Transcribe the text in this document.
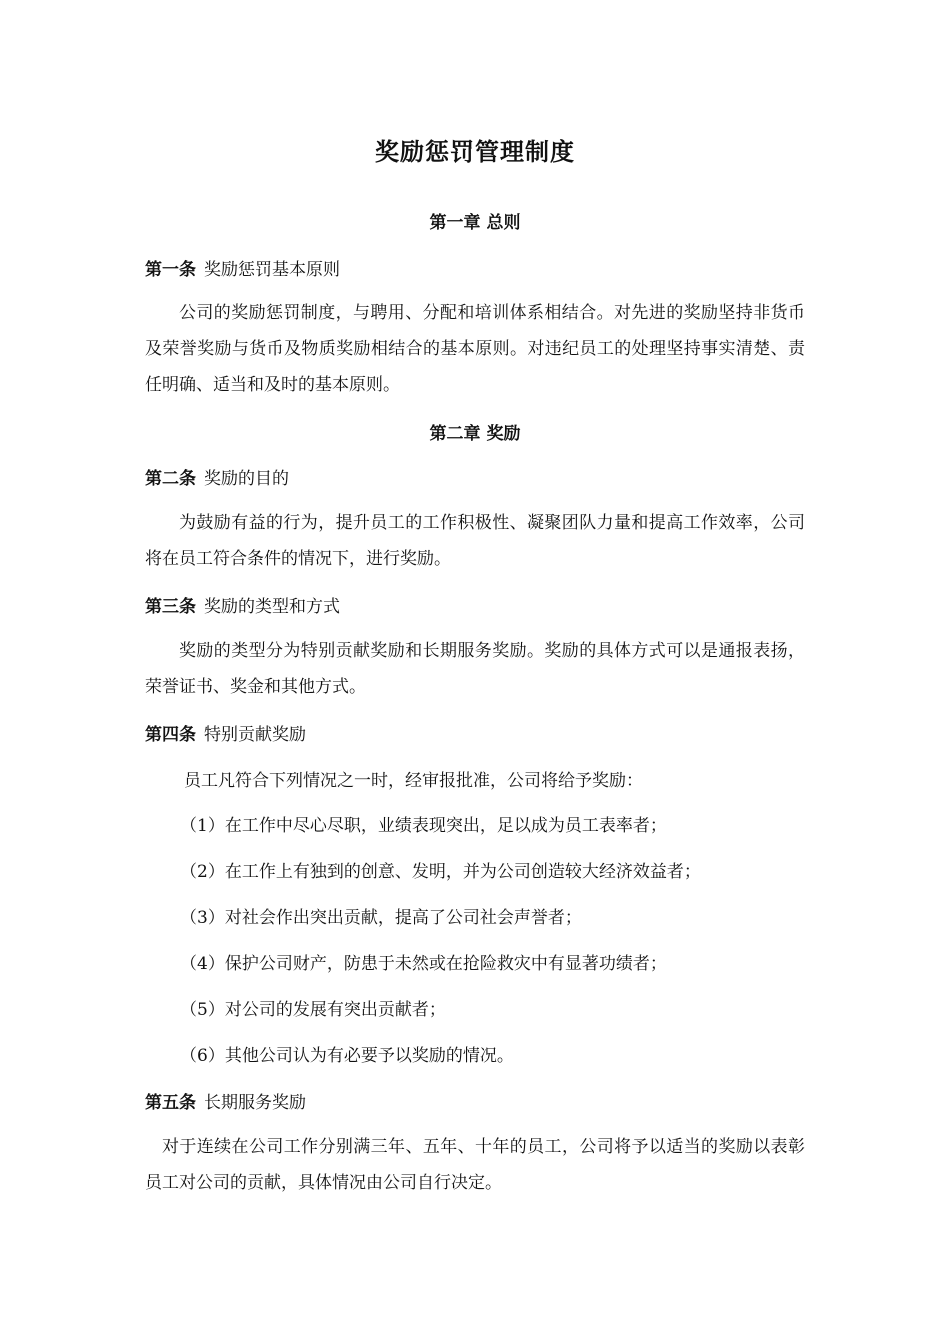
奖励惩罚管理制度
第一章 总则
第一条 奖励惩罚基本原则
公司的奖励惩罚制度，与聘用、分配和培训体系相结合。对先进的奖励坚持非货币及荣誉奖励与货币及物质奖励相结合的基本原则。对违纪员工的处理坚持事实清楚、责任明确、适当和及时的基本原则。
第二章 奖励
第二条 奖励的目的
为鼓励有益的行为，提升员工的工作积极性、凝聚团队力量和提高工作效率，公司将在员工符合条件的情况下，进行奖励。
第三条 奖励的类型和方式
奖励的类型分为特别贡献奖励和长期服务奖励。奖励的具体方式可以是通报表扬，荣誉证书、奖金和其他方式。
第四条 特别贡献奖励
员工凡符合下列情况之一时，经审报批准，公司将给予奖励：
（1）在工作中尽心尽职，业绩表现突出，足以成为员工表率者；
（2）在工作上有独到的创意、发明，并为公司创造较大经济效益者；
（3）对社会作出突出贡献，提高了公司社会声誉者；
（4）保护公司财产，防患于未然或在抢险救灾中有显著功绩者；
（5）对公司的发展有突出贡献者；
（6）其他公司认为有必要予以奖励的情况。
第五条 长期服务奖励
对于连续在公司工作分别满三年、五年、十年的员工，公司将予以适当的奖励以表彰员工对公司的贡献，具体情况由公司自行决定。
